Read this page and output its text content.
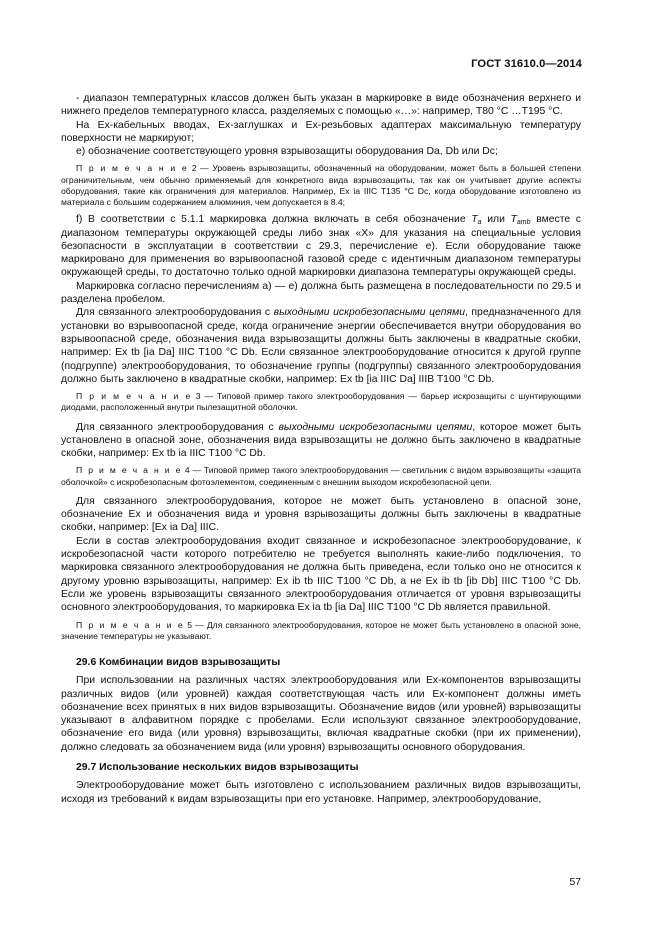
ГОСТ 31610.0—2014

- диапазон температурных классов должен быть указан в маркировке в виде обозначения верхнего и нижнего пределов температурного класса, разделяемых с помощью «…»: например, Т80 °С …Т195 °С.

На Ex-кабельных вводах, Ex-заглушках и Ex-резьбовых адаптерах максимальную температуру поверхности не маркируют;

е) обозначение соответствующего уровня взрывозащиты оборудования Da, Db или Dc;

П р и м е ч а н и е 2 — Уровень взрывозащиты, обозначенный на оборудовании, может быть в большей степени ограничительным, чем обычно применяемый для конкретного вида взрывозащиты, так как он учитывает другие аспекты оборудования, такие как ограничения для материалов. Например, Ex ia IIIC T135 °C Dc, когда оборудование изготовлено из материала с большим содержанием алюминия, чем допускается в 8.4;

f) В соответствии с 5.1.1 маркировка должна включать в себя обозначение $T_a$ или $T_{amb}$ вместе с диапазоном температуры окружающей среды либо знак «X» для указания на специальные условия безопасности в эксплуатации в соответствии с 29.3, перечисление е). Если оборудование также маркировано для применения во взрывоопасной газовой среде с идентичным диапазоном температуры окружающей среды, то достаточно только одной маркировки диапазона температуры окружающей среды.

Маркировка согласно перечислениям а) — е) должна быть размещена в последовательности по 29.5 и разделена пробелом.

Для связанного электрооборудования с выходными искробезопасными цепями, предназначенного для установки во взрывоопасной среде, когда ограничение энергии обеспечивается внутри оборудования во взрывоопасной среде, обозначения вида взрывозащиты должны быть заключены в квадратные скобки, например: Ex tb [ia Da] IIIC T100 °C Db. Если связанное электрооборудование относится к другой группе (подгруппе) электрооборудования, то обозначение группы (подгруппы) связанного электрооборудования должно быть заключено в квадратные скобки, например: Ex tb [ia IIIC Da] IIIB T100 °C Db.

П р и м е ч а н и е 3 — Типовой пример такого электрооборудования — барьер искрозащиты с шунтирующими диодами, расположенный внутри пылезащитной оболочки.

Для связанного электрооборудования с выходными искробезопасными цепями, которое может быть установлено в опасной зоне, обозначения вида взрывозащиты не должно быть заключено в квадратные скобки, например: Ex tb ia IIIC T100 °C Db.

П р и м е ч а н и е 4 — Типовой пример такого электрооборудования — светильник с видом взрывозащиты «защита оболочкой» с искробезопасным фотоэлементом, соединенным с внешним выходом искробезопасной цепи.

Для связанного электрооборудования, которое не может быть установлено в опасной зоне, обозначение Ex и обозначения вида и уровня взрывозащиты должны быть заключены в квадратные скобки, например: [Ex ia Da] IIIC.

Если в состав электрооборудования входит связанное и искробезопасное электрооборудование, к искробезопасной части которого потребителю не требуется выполнять какие-либо подключения, то маркировка связанного электрооборудования не должна быть приведена, если только оно не относится к другому уровню взрывозащиты, например: Ex ib tb IIIC T100 °C Db, а не Ex ib tb [ib Db] IIIC T100 °C Db. Если же уровень взрывозащиты связанного электрооборудования отличается от уровня взрывозащиты основного электрооборудования, то маркировка Ex ia tb [ia Da] IIIC T100 °C Db является правильной.

П р и м е ч а н и е 5 — Для связанного электрооборудования, которое не может быть установлено в опасной зоне, значение температуры не указывают.

29.6 Комбинации видов взрывозащиты

При использовании на различных частях электрооборудования или Ex-компонентов взрывозащиты различных видов (или уровней) каждая соответствующая часть или Ex-компонент должны иметь обозначение всех принятых в них видов взрывозащиты. Обозначение видов (или уровней) взрывозащиты указывают в алфавитном порядке с пробелами. Если используют связанное электрооборудование, обозначение его вида (или уровня) взрывозащиты, включая квадратные скобки (при их применении), должно следовать за обозначением вида (или уровня) взрывозащиты основного оборудования.

29.7 Использование нескольких видов взрывозащиты

Электрооборудование может быть изготовлено с использованием различных видов взрывозащиты, исходя из требований к видам взрывозащиты при его установке. Например, электрооборудование,

57
